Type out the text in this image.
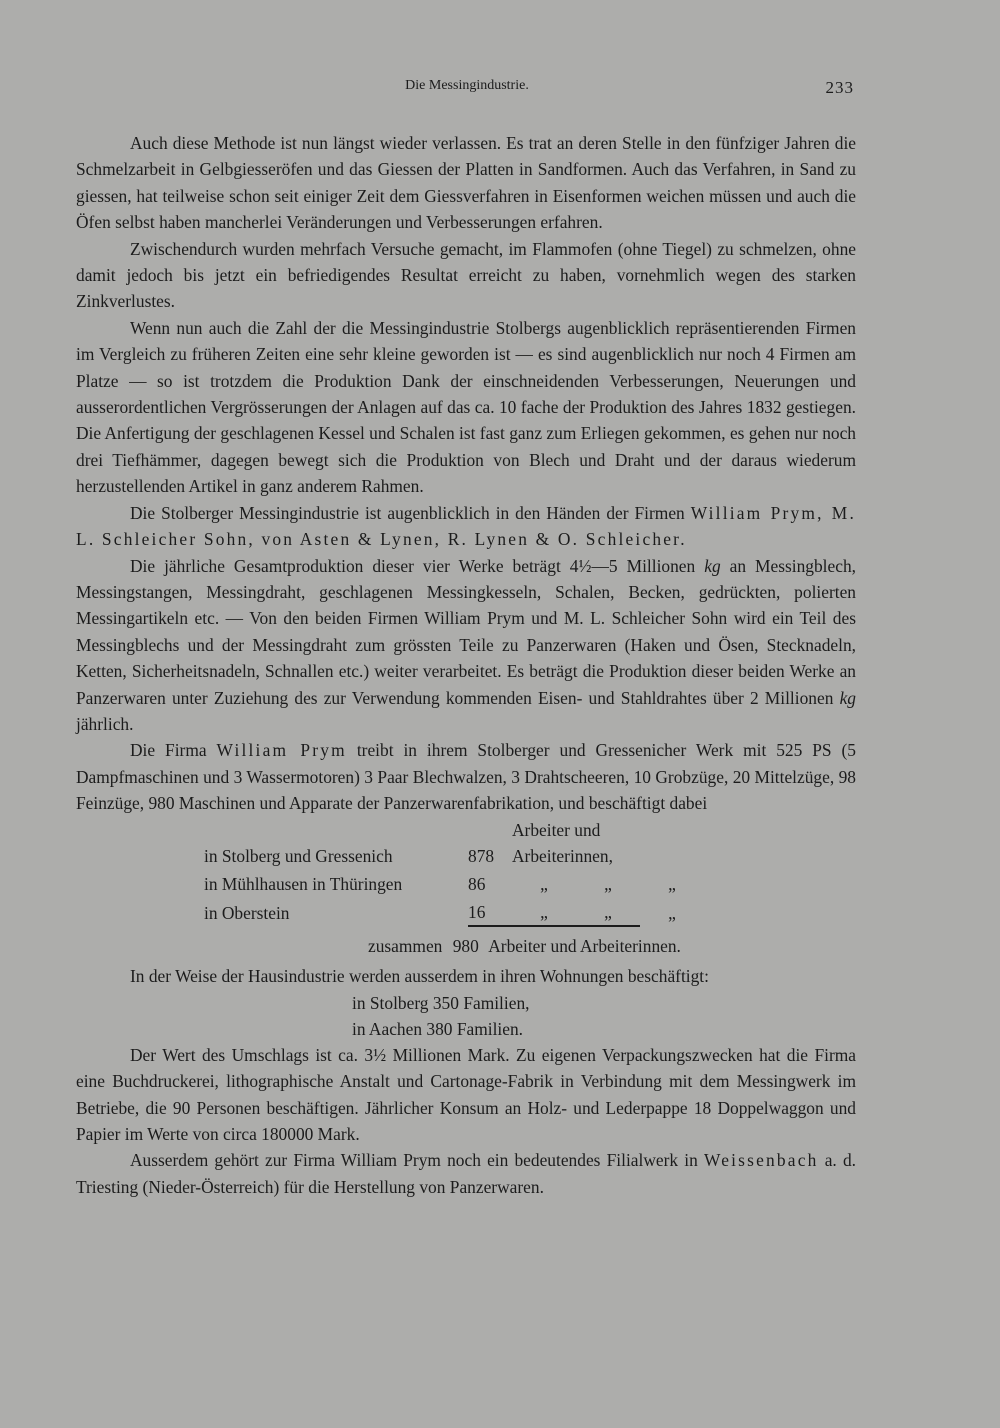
Die Messingindustrie.	233

Auch diese Methode ist nun längst wieder verlassen. Es trat an deren Stelle in den fünfziger Jahren die Schmelzarbeit in Gelbgiesseröfen und das Giessen der Platten in Sandformen. Auch das Verfahren, in Sand zu giessen, hat teilweise schon seit einiger Zeit dem Giessverfahren in Eisenformen weichen müssen und auch die Öfen selbst haben mancherlei Veränderungen und Verbesserungen erfahren.

Zwischendurch wurden mehrfach Versuche gemacht, im Flammofen (ohne Tiegel) zu schmelzen, ohne damit jedoch bis jetzt ein befriedigendes Resultat erreicht zu haben, vornehmlich wegen des starken Zinkverlustes.

Wenn nun auch die Zahl der die Messingindustrie Stolbergs augenblicklich repräsentierenden Firmen im Vergleich zu früheren Zeiten eine sehr kleine geworden ist — es sind augenblicklich nur noch 4 Firmen am Platze — so ist trotzdem die Produktion Dank der einschneidenden Verbesserungen, Neuerungen und ausserordentlichen Vergrösserungen der Anlagen auf das ca. 10 fache der Produktion des Jahres 1832 gestiegen. Die Anfertigung der geschlagenen Kessel und Schalen ist fast ganz zum Erliegen gekommen, es gehen nur noch drei Tiefhämmer, dagegen bewegt sich die Produktion von Blech und Draht und der daraus wiederum herzustellenden Artikel in ganz anderem Rahmen.

Die Stolberger Messingindustrie ist augenblicklich in den Händen der Firmen William Prym, M. L. Schleicher Sohn, von Asten & Lynen, R. Lynen & O. Schleicher.

Die jährliche Gesamtproduktion dieser vier Werke beträgt 4½—5 Millionen kg an Messingblech, Messingstangen, Messingdraht, geschlagenen Messingkesseln, Schalen, Becken, gedrückten, polierten Messingartikeln etc. — Von den beiden Firmen William Prym und M. L. Schleicher Sohn wird ein Teil des Messingblechs und der Messingdraht zum grössten Teile zu Panzerwaren (Haken und Ösen, Stecknadeln, Ketten, Sicherheitsnadeln, Schnallen etc.) weiter verarbeitet. Es beträgt die Produktion dieser beiden Werke an Panzerwaren unter Zuziehung des zur Verwendung kommenden Eisen- und Stahldrahtes über 2 Millionen kg jährlich.

Die Firma William Prym treibt in ihrem Stolberger und Gressenicher Werk mit 525 PS (5 Dampfmaschinen und 3 Wassermotoren) 3 Paar Blechwalzen, 3 Drahtscheeren, 10 Grobzüge, 20 Mittelzüge, 98 Feinzüge, 980 Maschinen und Apparate der Panzerwarenfabrikation, und beschäftigt dabei

in Stolberg und Gressenich	878	Arbeiter und Arbeiterinnen,		
in Mühlhausen in Thüringen	86	„	„	„
in Oberstein	16	„	„	„
zusammen 980 Arbeiter und Arbeiterinnen.

In der Weise der Hausindustrie werden ausserdem in ihren Wohnungen beschäftigt:

in Stolberg 350 Familien,
in Aachen 380 Familien.

Der Wert des Umschlags ist ca. 3½ Millionen Mark. Zu eigenen Verpackungszwecken hat die Firma eine Buchdruckerei, lithographische Anstalt und Cartonage-Fabrik in Verbindung mit dem Messingwerk im Betriebe, die 90 Personen beschäftigen. Jährlicher Konsum an Holz- und Lederpappe 18 Doppelwaggon und Papier im Werte von circa 180000 Mark.

Ausserdem gehört zur Firma William Prym noch ein bedeutendes Filialwerk in Weissenbach a. d. Triesting (Nieder-Österreich) für die Herstellung von Panzerwaren.
